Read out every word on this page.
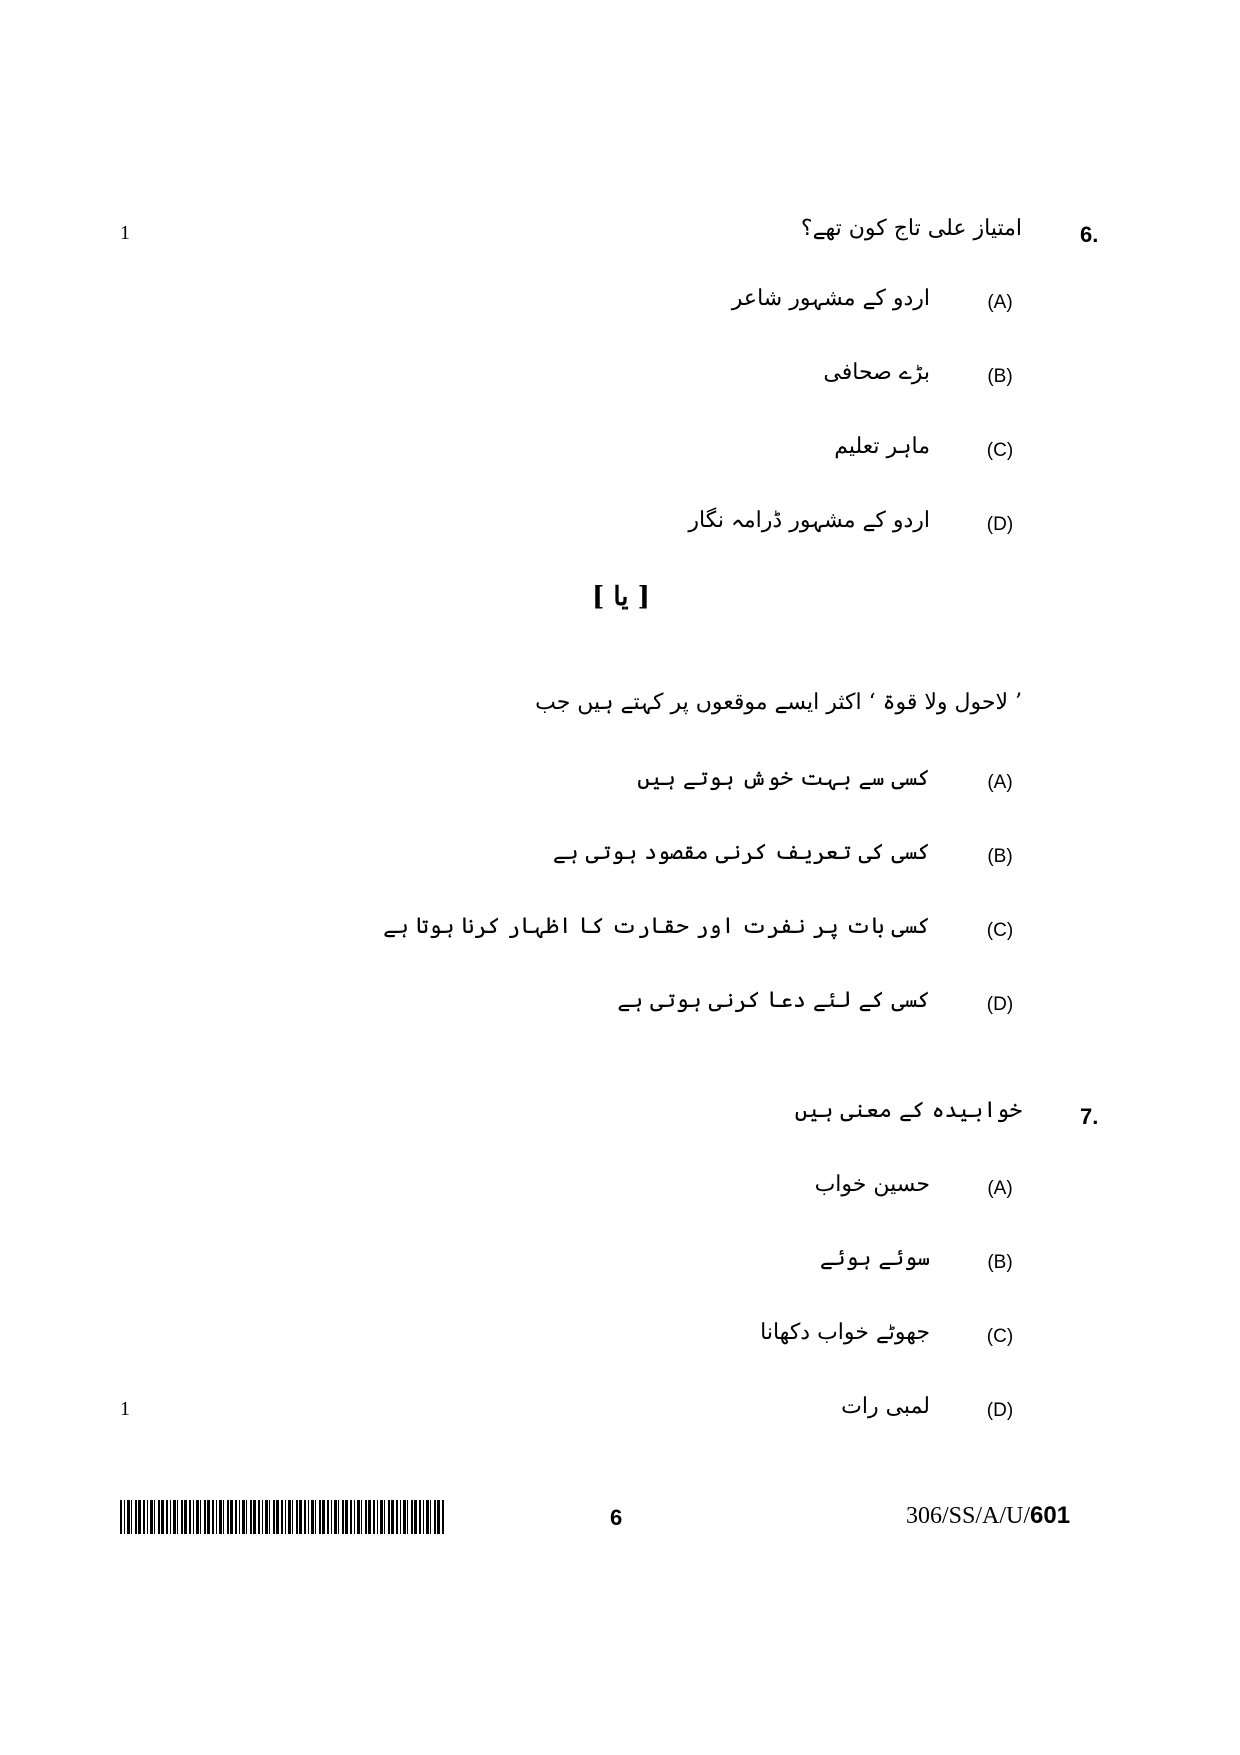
1
1
6.
امتیاز علی تاج کون تھے؟
(A)
اردو کے مشہور شاعر
(B)
بڑے صحافی
(C)
ماہر تعلیم
(D)
اردو کے مشہور ڈرامہ نگار
[ یا ]
’ لاحول ولا قوۃ ‘ اکثر ایسے موقعوں پر کہتے ہیں جب
(A)
کسی سے بہت خوش ہوتے ہیں
(B)
کسی کی تعریف کرنی مقصود ہوتی ہے
(C)
کسی بات پر نفرت اور حقارت کا اظہار کرنا ہوتا ہے
(D)
کسی کے لئے دعا کرنی ہوتی ہے
7.
خوابیدہ کے معنی ہیں
(A)
حسین خواب
(B)
سوئے ہوئے
(C)
جھوٹے خواب دکھانا
(D)
لمبی رات
6	306/SS/A/U/601
